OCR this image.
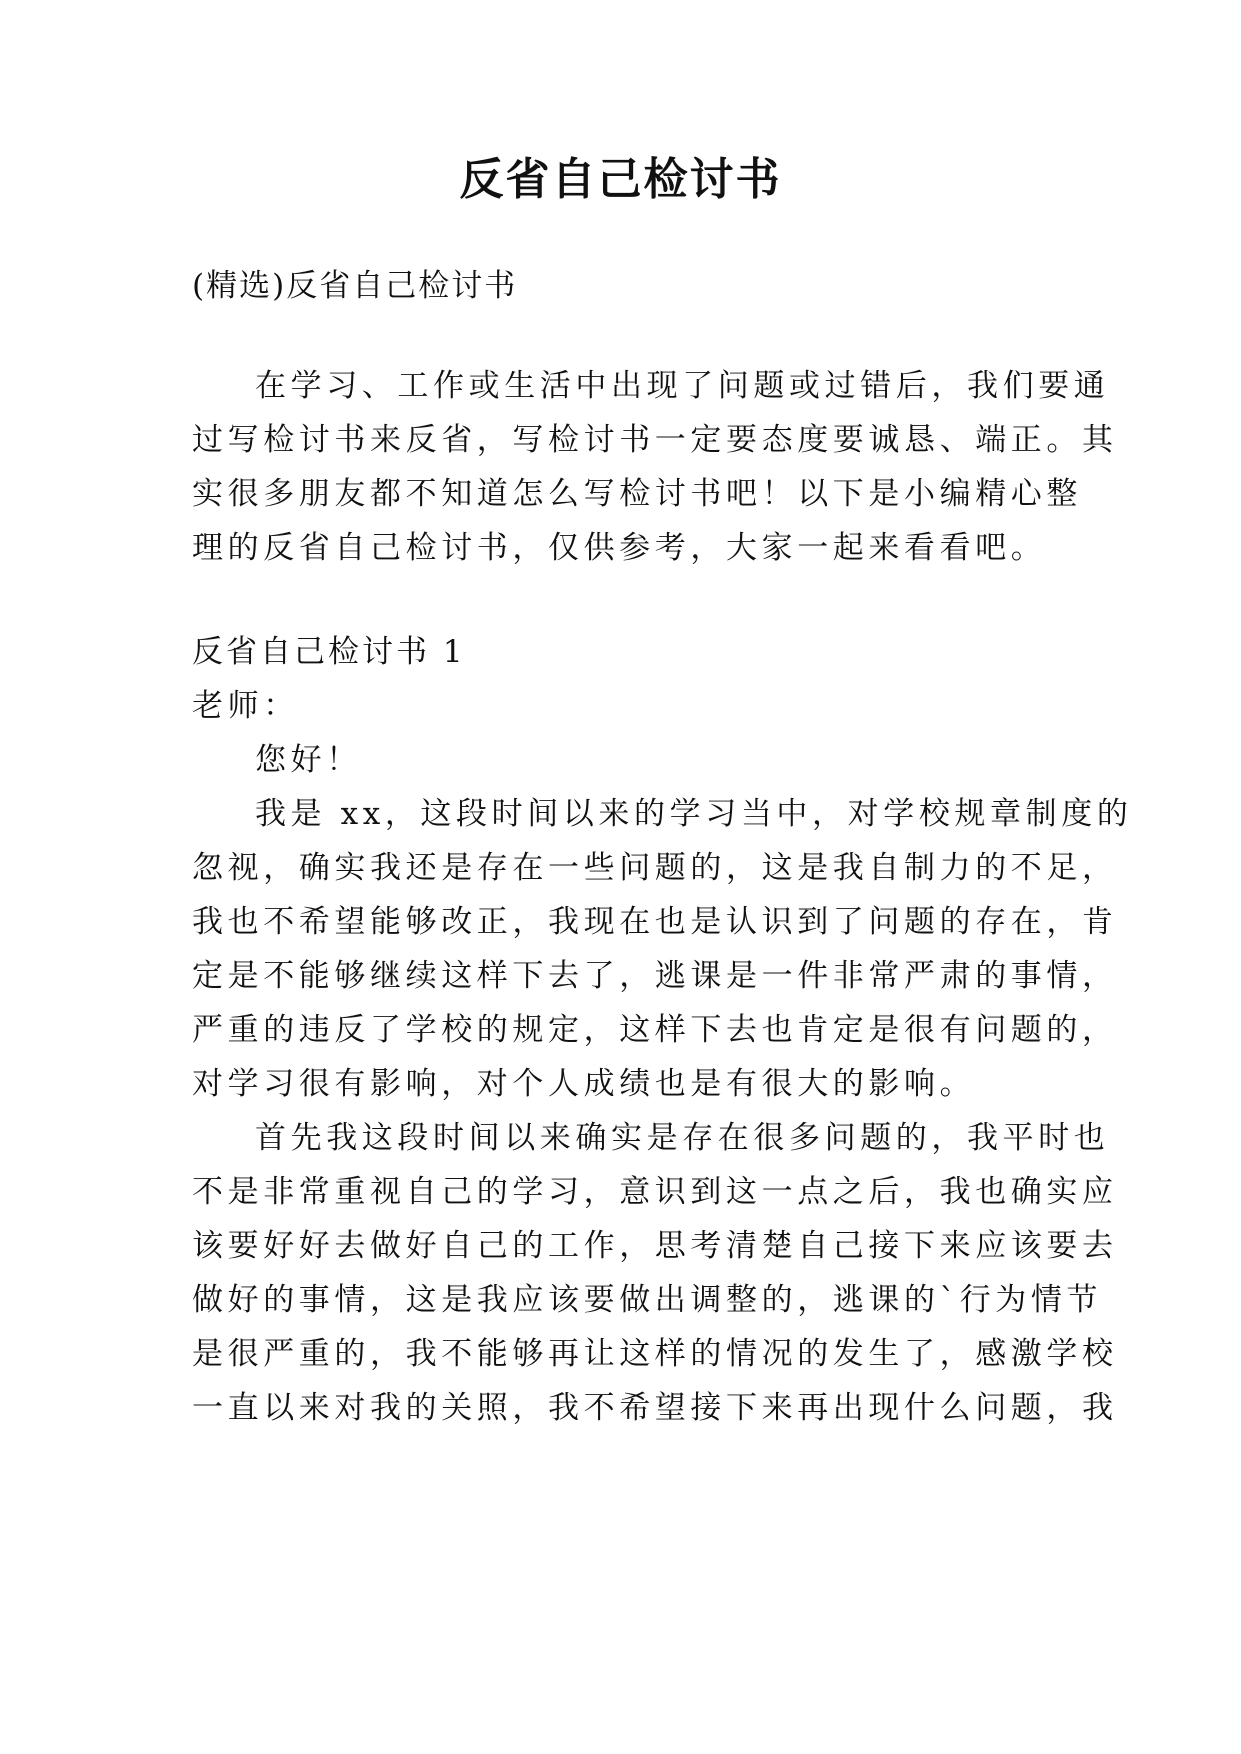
反省自己检讨书
(精选)反省自己检讨书
在学习、工作或生活中出现了问题或过错后，我们要通
过写检讨书来反省，写检讨书一定要态度要诚恳、端正。其
实很多朋友都不知道怎么写检讨书吧！以下是小编精心整
理的反省自己检讨书，仅供参考，大家一起来看看吧。
反省自己检讨书 1
老师：
您好！
我是 xx，这段时间以来的学习当中，对学校规章制度的
忽视，确实我还是存在一些问题的，这是我自制力的不足，
我也不希望能够改正，我现在也是认识到了问题的存在，肯
定是不能够继续这样下去了，逃课是一件非常严肃的事情，
严重的违反了学校的规定，这样下去也肯定是很有问题的，
对学习很有影响，对个人成绩也是有很大的影响。
首先我这段时间以来确实是存在很多问题的，我平时也
不是非常重视自己的学习，意识到这一点之后，我也确实应
该要好好去做好自己的工作，思考清楚自己接下来应该要去
做好的事情，这是我应该要做出调整的，逃课的`行为情节
是很严重的，我不能够再让这样的情况的发生了，感激学校
一直以来对我的关照，我不希望接下来再出现什么问题，我
